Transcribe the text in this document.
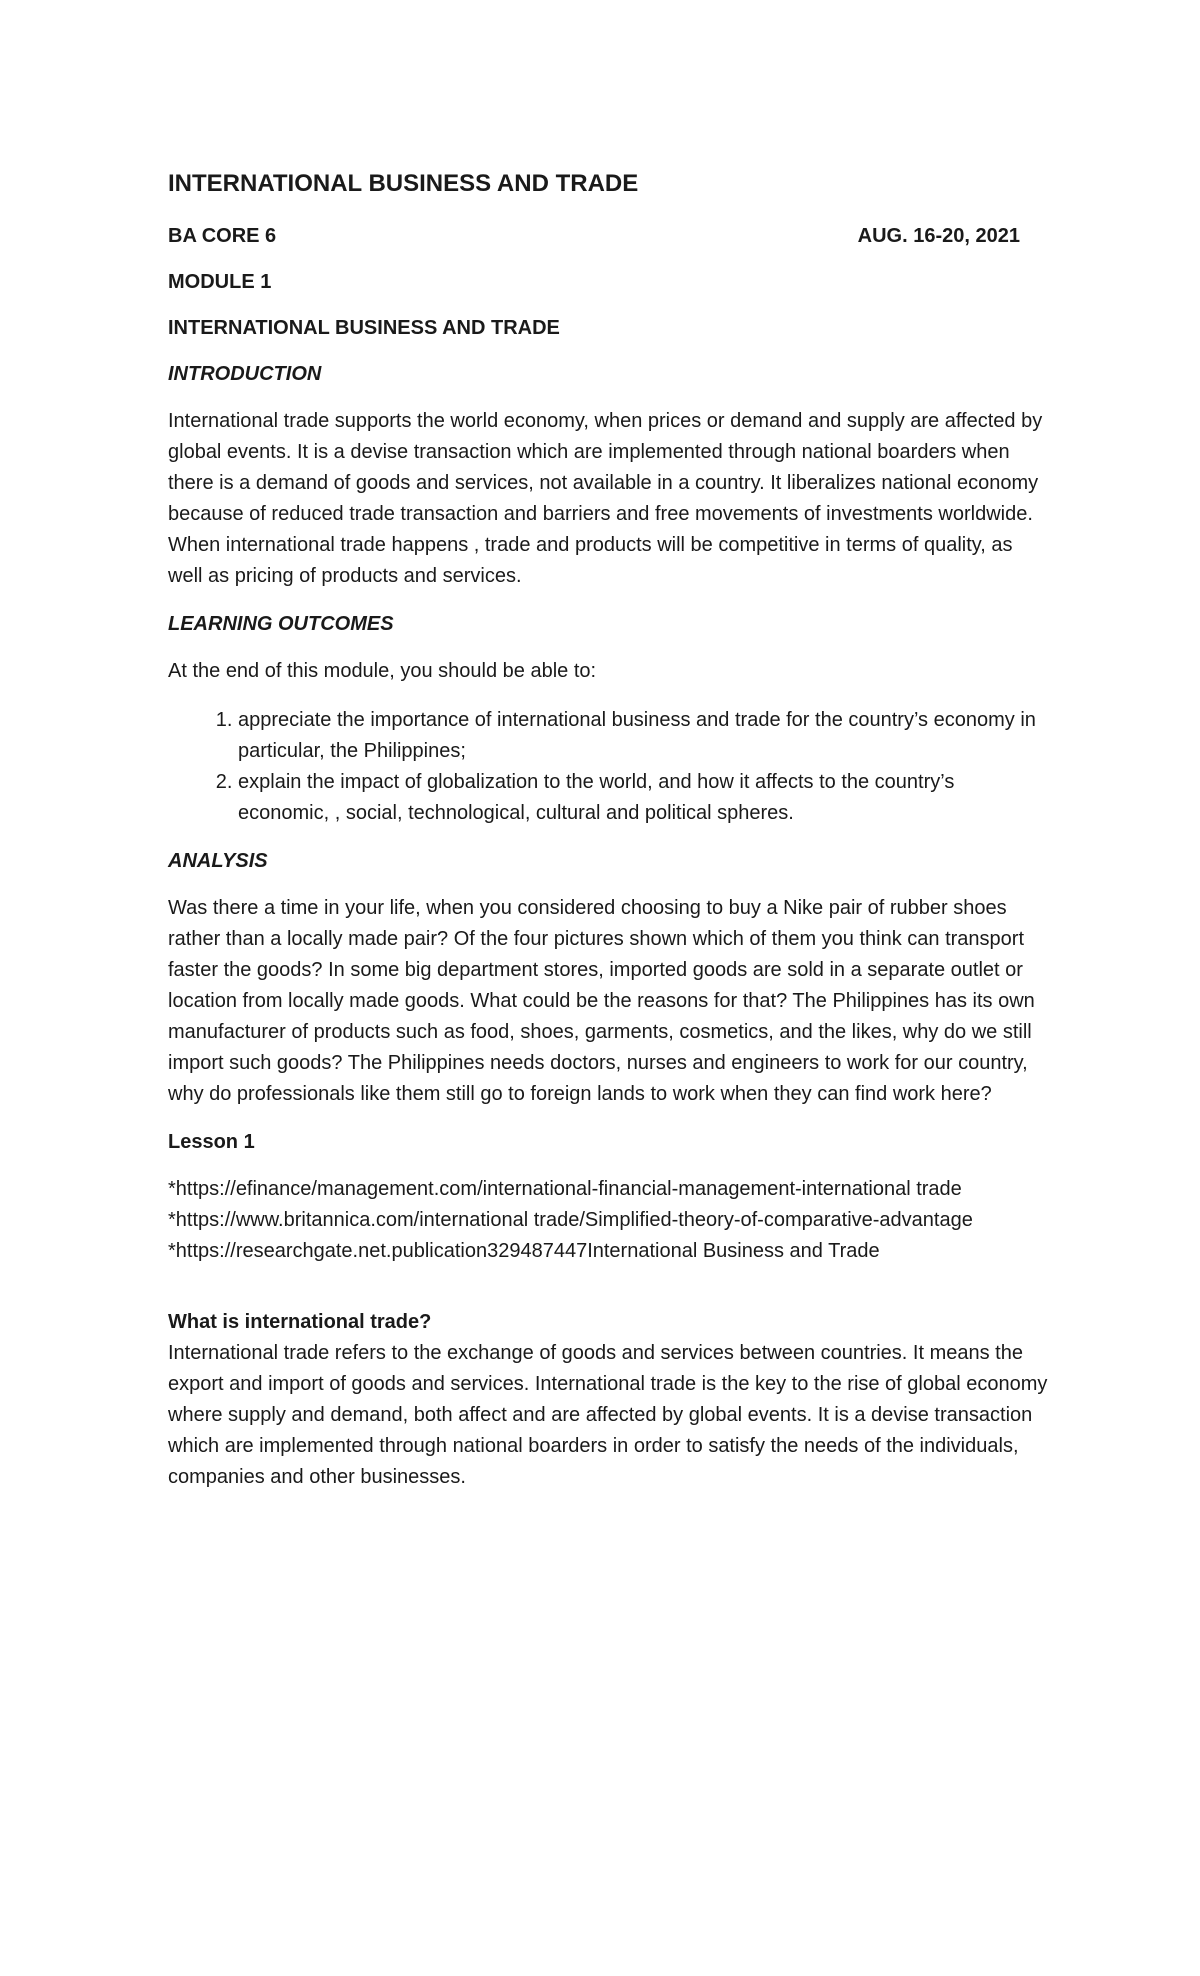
INTERNATIONAL BUSINESS AND TRADE
BA CORE 6	AUG. 16-20, 2021
MODULE 1
INTERNATIONAL BUSINESS AND TRADE
INTRODUCTION

International trade supports the world economy, when prices or demand and supply are affected by global events. It is a devise transaction which are implemented through national boarders when there is a demand of goods and services, not available in a country. It liberalizes national economy because of reduced trade transaction and barriers and free movements of investments worldwide. When international trade happens , trade and products will be competitive in terms of quality, as well as pricing of products and services.

LEARNING OUTCOMES

At the end of this module, you should be able to:

1. appreciate the importance of international business and trade for the country’s economy in particular, the Philippines;
2. explain the impact of globalization to the world, and how it affects to the country’s economic, , social, technological, cultural and political spheres.
ANALYSIS

Was there a time in your life, when you considered choosing to buy a Nike pair of rubber shoes rather than a locally made pair? Of the four pictures shown which of them you think can transport faster the goods? In some big department stores, imported goods are sold in a separate outlet or location from locally made goods. What could be the reasons for that? The Philippines has its own manufacturer of products such as food, shoes, garments, cosmetics, and the likes, why do we still import such goods? The Philippines needs doctors, nurses and engineers to work for our country, why do professionals like them still go to foreign lands to work when they can find work here?

Lesson 1
*https://efinance/management.com/international-financial-management-international trade
*https://www.britannica.com/international trade/Simplified-theory-of-comparative-advantage
*https://researchgate.net.publication329487447International Business and Trade
What is international trade?

International trade refers to the exchange of goods and services between countries. It means the export and import of goods and services. International trade is the key to the rise of global economy where supply and demand, both affect and are affected by global events. It is a devise transaction which are implemented through national boarders in order to satisfy the needs of the individuals, companies and other businesses.
